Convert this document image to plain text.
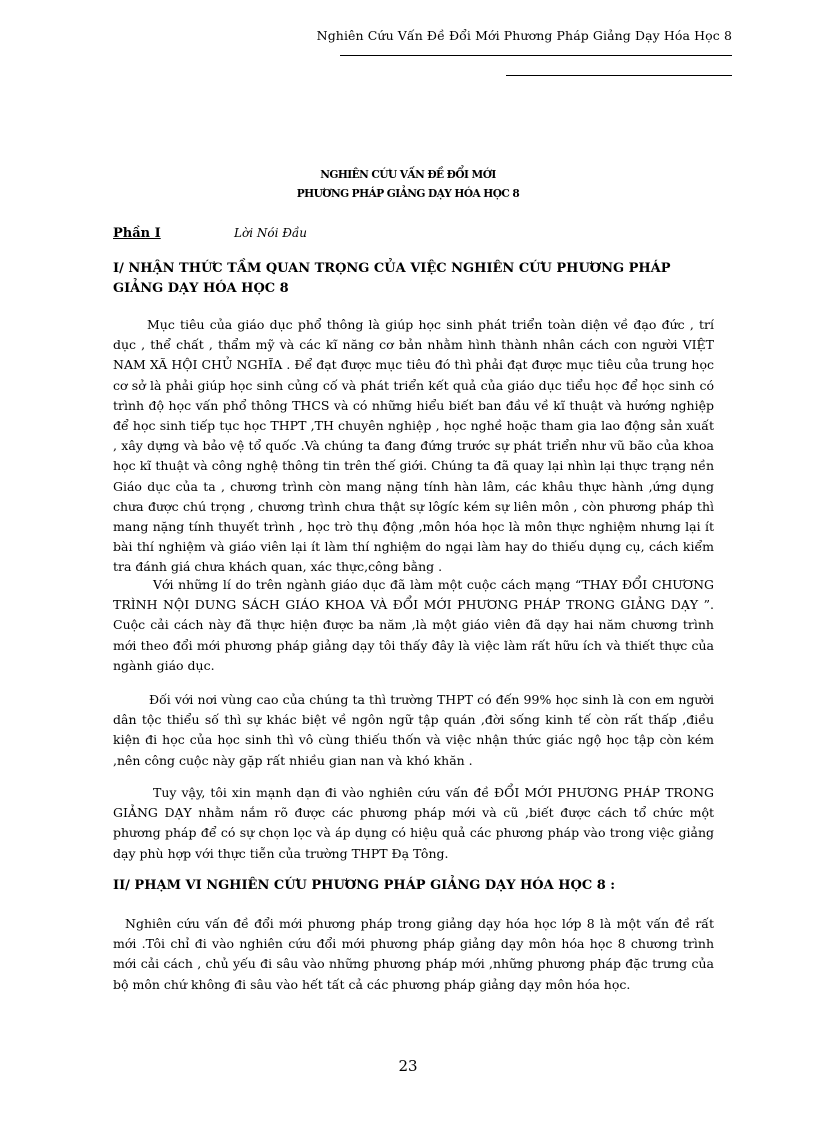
Nghiên Cứu Vấn Đề Đổi Mới Phương Pháp Giảng Dạy Hóa Học 8
NGHIÊN CỨU VẤN ĐỀ ĐỔI MỚI
PHƯƠNG PHÁP GIẢNG DẠY HÓA HỌC 8
Phần I	Lời Nói Đầu
I/ NHẬN THỨC TẦM QUAN TRỌNG CỦA VIỆC NGHIÊN CỨU PHƯƠNG PHÁP GIẢNG DẠY HÓA HỌC 8
Mục tiêu của giáo dục phổ thông là giúp học sinh phát triển toàn diện về đạo đức , trí dục , thể chất , thẩm mỹ và các kĩ năng cơ bản nhằm hình thành nhân cách con người VIỆT NAM XÃ HỘI CHỦ NGHĨA . Để đạt được mục tiêu đó thì phải đạt được mục tiêu của trung học cơ sở là phải giúp học sinh củng cố và phát triển kết quả của giáo dục tiểu học để học sinh có trình độ học vấn phổ thông THCS và có những hiểu biết ban đầu về kĩ thuật và hướng nghiệp để học sinh tiếp tục học THPT ,TH chuyên nghiệp , học nghề hoặc tham gia lao động sản xuất , xây dựng và bảo vệ tổ quốc .Và chúng ta đang đứng trước sự phát triển như vũ bão của khoa học kĩ thuật và công nghệ thông tin trên thế giới. Chúng ta đã quay lại nhìn lại thực trạng nền Giáo dục của ta , chương trình còn mang nặng tính hàn lâm, các khâu thực hành ,ứng dụng chưa được chú trọng , chương trình chưa thật sự lôgíc kém sự liên môn , còn phương pháp thì mang nặng tính thuyết trình , học trò thụ động ,môn hóa học là môn thực nghiệm nhưng lại ít bài thí nghiệm và giáo viên lại ít làm thí nghiệm do ngại làm hay do thiếu dụng cụ, cách kiểm tra đánh giá chưa khách quan, xác thực,công bằng .
Với những lí do trên ngành giáo dục đã làm một cuộc cách mạng “THAY ĐỔI CHƯƠNG TRÌNH NỘI DUNG SÁCH GIÁO KHOA VÀ ĐỔI MỚI PHƯƠNG PHÁP TRONG GIẢNG DẠY ”. Cuộc cải cách này đã thực hiện được ba năm ,là một giáo viên đã dạy hai năm chương trình mới theo đổi mới phương pháp giảng dạy tôi thấy đây là việc làm rất hữu ích và thiết thực của ngành giáo dục.
Đối với nơi vùng cao của chúng ta thì trường THPT có đến 99% học sinh là con em người dân tộc thiểu số thì sự khác biệt về ngôn ngữ tập quán ,đời sống kinh tế còn rất thấp ,điều kiện đi học của học sinh thì vô cùng thiếu thốn và việc nhận thức giác ngộ học tập còn kém ,nên công cuộc này gặp rất nhiều gian nan và khó khăn .
Tuy vậy, tôi xin mạnh dạn đi vào nghiên cứu vấn đề ĐỔI MỚI PHƯƠNG PHÁP TRONG GIẢNG DẠY nhằm nắm rõ được các phương pháp mới và cũ ,biết được cách tổ chức một phương pháp để có sự chọn lọc và áp dụng có hiệu quả các phương pháp vào trong việc giảng dạy phù hợp với thực tiễn của trường THPT Đạ Tông.
II/ PHẠM VI NGHIÊN CỨU PHƯƠNG PHÁP GIẢNG DẠY HÓA HỌC 8 :
Nghiên cứu vấn đề đổi mới phương pháp trong giảng dạy hóa học lớp 8 là một vấn đề rất mới .Tôi chỉ đi vào nghiên cứu đổi mới phương pháp giảng dạy môn hóa học 8 chương trình mới cải cách , chủ yếu đi sâu vào những phương pháp mới ,những phương pháp đặc trưng của bộ môn chứ không đi sâu vào hết tất cả các phương pháp giảng dạy môn hóa học.
23
